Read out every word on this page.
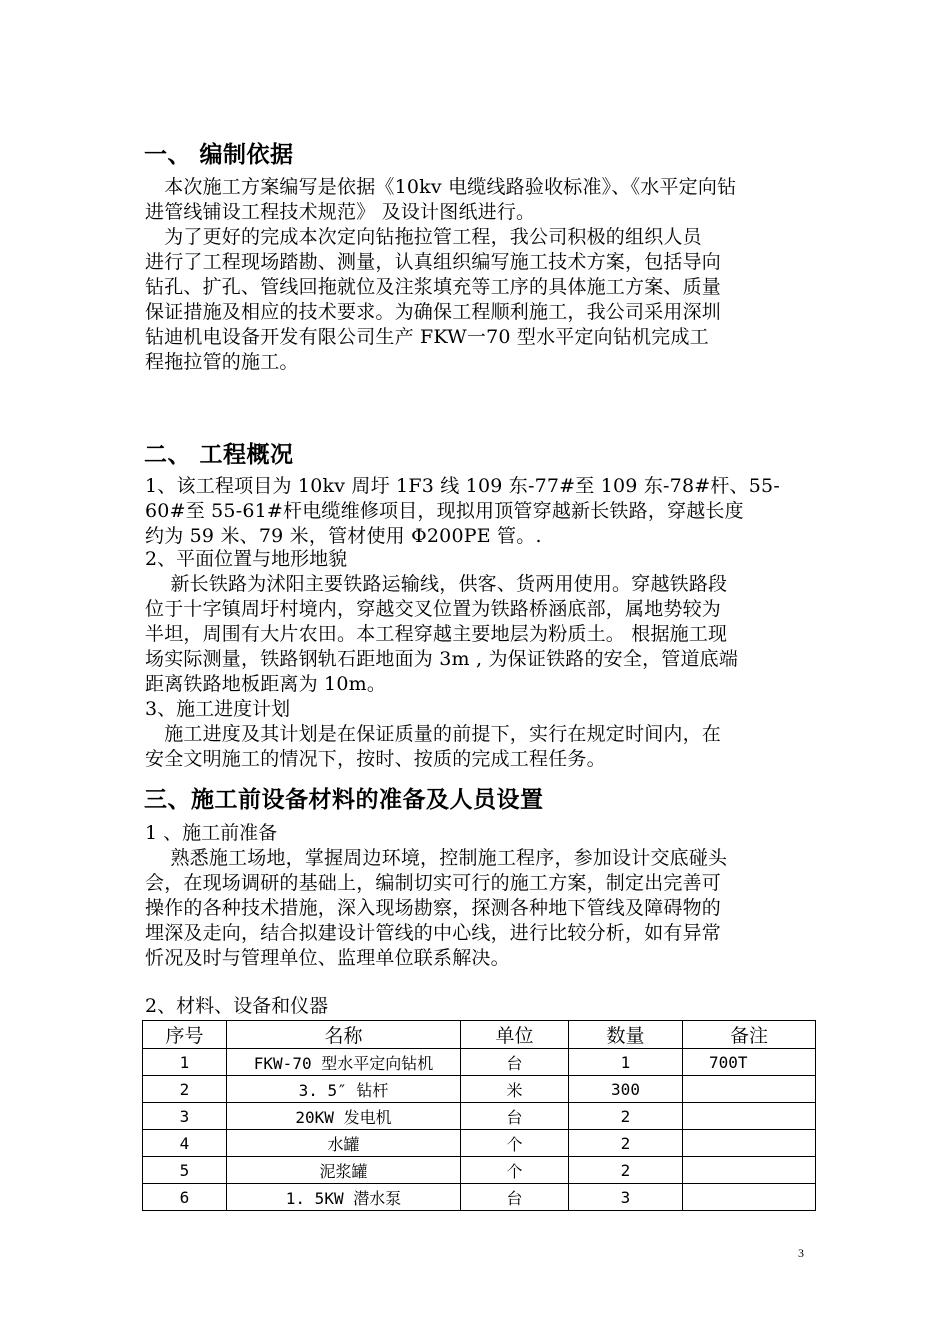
一、 编制依据

　本次施工方案编写是依据《10kv 电缆线路验收标准》、《水平定向钻
进管线铺设工程技术规范》 及设计图纸进行。

　为了更好的完成本次定向钻拖拉管工程，我公司积极的组织人员
进行了工程现场踏勘、测量，认真组织编写施工技术方案，包括导向
钻孔、扩孔、管线回拖就位及注浆填充等工序的具体施工方案、质量
保证措施及相应的技术要求。为确保工程顺利施工，我公司采用深圳
钻迪机电设备开发有限公司生产 FKW一70 型水平定向钻机完成工
程拖拉管的施工。

二、 工程概况

1、该工程项目为 10kv 周圩 1F3 线 109 东-77#至 109 东-78#杆、55-
60#至 55-61#杆电缆维修项目，现拟用顶管穿越新长铁路，穿越长度
约为 59 米、79 米，管材使用 Φ200PE 管。.

2、平面位置与地形地貌

　 新长铁路为沭阳主要铁路运输线，供客、货两用使用。穿越铁路段
位于十字镇周圩村境内，穿越交叉位置为铁路桥涵底部，属地势较为
半坦，周围有大片农田。本工程穿越主要地层为粉质土。 根据施工现
场实际测量，铁路钢轨石距地面为 3m , 为保证铁路的安全，管道底端
距离铁路地板距离为 10m。

3、施工进度计划

　施工进度及其计划是在保证质量的前提下，实行在规定时间内，在
安全文明施工的情况下，按时、按质的完成工程任务。

三、施工前设备材料的准备及人员设置

1 、施工前准备

　 熟悉施工场地，掌握周边环境，控制施工程序，参加设计交底碰头
会，在现场调研的基础上，编制切实可行的施工方案，制定出完善可
操作的各种技术措施，深入现场勘察，探测各种地下管线及障碍物的
埋深及走向，结合拟建设计管线的中心线，进行比较分析，如有异常
忻况及时与管理单位、监理单位联系解决。

2、材料、设备和仪器

序号	名称	单位	数量	备注
1	FKW-70 型水平定向钻机	台	1	700T
2	3. 5″ 钻杆	米	300	
3	20KW 发电机	台	2	
4	水罐	个	2	
5	泥浆罐	个	2	
6	1. 5KW 潜水泵	台	3	
3
